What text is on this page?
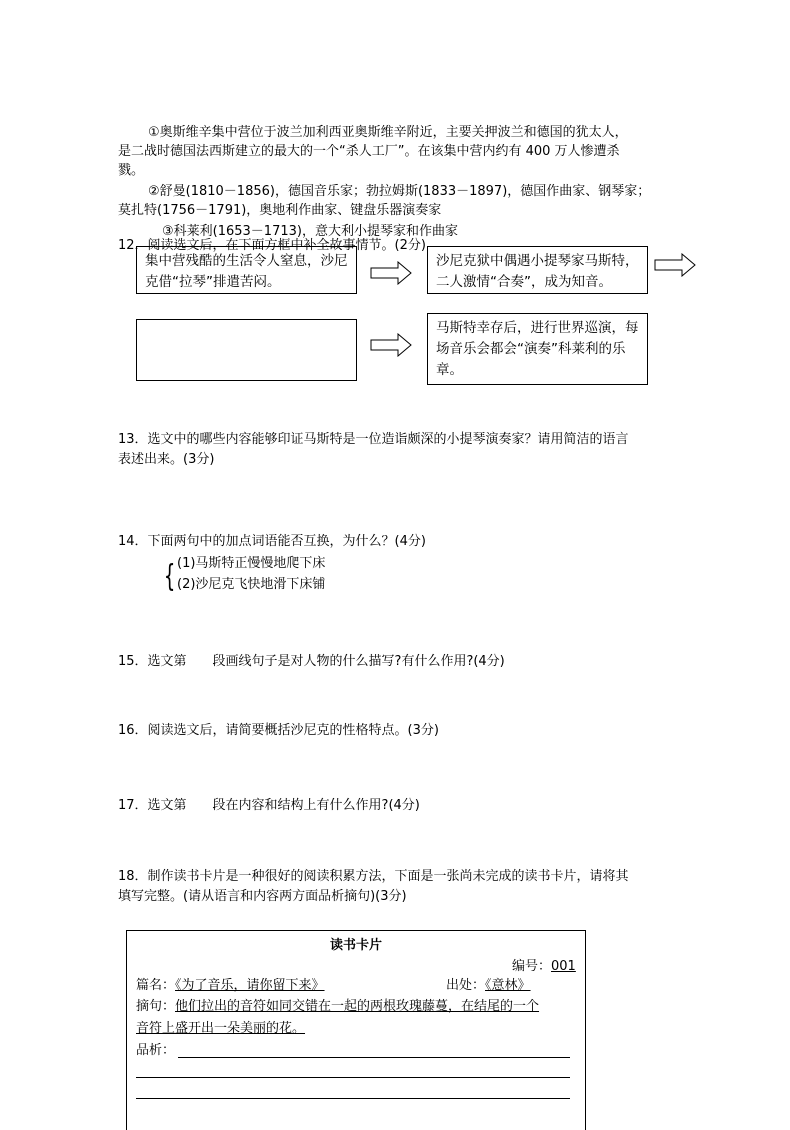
①奥斯维辛集中营位于波兰加利西亚奥斯维辛附近，主要关押波兰和德国的犹太人，
是二战时德国法西斯建立的最大的一个“杀人工厂”。在该集中营内约有 400 万人惨遭杀
戮。
②舒曼(1810－1856)，德国音乐家；勃拉姆斯(1833－1897)，德国作曲家、钢琴家；
莫扎特(1756－1791)，奥地利作曲家、键盘乐器演奏家
③科莱利(1653－1713)，意大利小提琴家和作曲家
12．阅读选文后，在下面方框中补全故事情节。(2分)
集中营残酷的生活令人窒息，沙尼克借“拉琴”排遣苦闷。
沙尼克狱中偶遇小提琴家马斯特，二人激情“合奏”，成为知音。
马斯特幸存后，进行世界巡演，每场音乐会都会“演奏”科莱利的乐章。
13．选文中的哪些内容能够印证马斯特是一位造诣颇深的小提琴演奏家？请用简洁的语言
表述出来。(3分)
14．下面两句中的加点词语能否互换，为什么？(4分)
{ (1)马斯特正慢慢地爬下床
(2)沙尼克飞快地滑下床铺
15．选文第　　段画线句子是对人物的什么描写?有什么作用?(4分)
16．阅读选文后，请简要概括沙尼克的性格特点。(3分)
17．选文第　　段在内容和结构上有什么作用?(4分)
18．制作读书卡片是一种很好的阅读积累方法，下面是一张尚未完成的读书卡片，请将其
填写完整。(请从语言和内容两方面品析摘句)(3分)
读书卡片
编号：001
篇名：《为了音乐，请你留下来》	出处：《意林》
摘句：他们拉出的音符如同交错在一起的两根玫瑰藤蔓，在结尾的一个
音符上盛开出一朵美丽的花。
品析：
